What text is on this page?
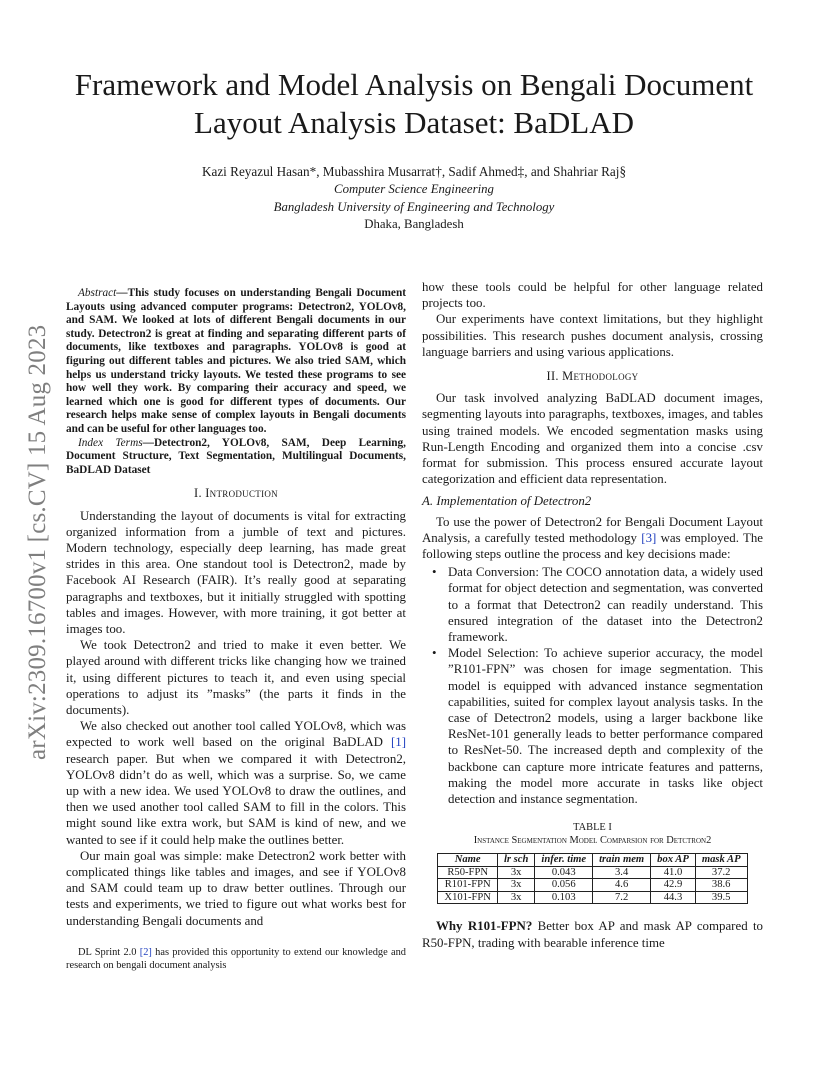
Framework and Model Analysis on Bengali Document Layout Analysis Dataset: BaDLAD
Kazi Reyazul Hasan*, Mubasshira Musarrat†, Sadif Ahmed‡, and Shahriar Raj§
Computer Science Engineering
Bangladesh University of Engineering and Technology
Dhaka, Bangladesh
arXiv:2309.16700v1 [cs.CV] 15 Aug 2023

Abstract—This study focuses on understanding Bengali Document Layouts using advanced computer programs: Detectron2, YOLOv8, and SAM. We looked at lots of different Bengali documents in our study. Detectron2 is great at finding and separating different parts of documents, like textboxes and paragraphs. YOLOv8 is good at figuring out different tables and pictures. We also tried SAM, which helps us understand tricky layouts. We tested these programs to see how well they work. By comparing their accuracy and speed, we learned which one is good for different types of documents. Our research helps make sense of complex layouts in Bengali documents and can be useful for other languages too.

Index Terms—Detectron2, YOLOv8, SAM, Deep Learning, Document Structure, Text Segmentation, Multilingual Documents, BaDLAD Dataset

I. Introduction

Understanding the layout of documents is vital for extracting organized information from a jumble of text and pictures. Modern technology, especially deep learning, has made great strides in this area. One standout tool is Detectron2, made by Facebook AI Research (FAIR). It’s really good at separating paragraphs and textboxes, but it initially struggled with spotting tables and images. However, with more training, it got better at images too.

We took Detectron2 and tried to make it even better. We played around with different tricks like changing how we trained it, using different pictures to teach it, and even using special operations to adjust its ”masks” (the parts it finds in the documents).

We also checked out another tool called YOLOv8, which was expected to work well based on the original BaDLAD [1] research paper. But when we compared it with Detectron2, YOLOv8 didn’t do as well, which was a surprise. So, we came up with a new idea. We used YOLOv8 to draw the outlines, and then we used another tool called SAM to fill in the colors. This might sound like extra work, but SAM is kind of new, and we wanted to see if it could help make the outlines better.

Our main goal was simple: make Detectron2 work better with complicated things like tables and images, and see if YOLOv8 and SAM could team up to draw better outlines. Through our tests and experiments, we tried to figure out what works best for understanding Bengali documents and

DL Sprint 2.0 [2] has provided this opportunity to extend our knowledge and research on bengali document analysis

how these tools could be helpful for other language related projects too.

Our experiments have context limitations, but they highlight possibilities. This research pushes document analysis, crossing language barriers and using various applications.

II. Methodology

Our task involved analyzing BaDLAD document images, segmenting layouts into paragraphs, textboxes, images, and tables using trained models. We encoded segmentation masks using Run-Length Encoding and organized them into a concise .csv format for submission. This process ensured accurate layout categorization and efficient data representation.

A. Implementation of Detectron2

To use the power of Detectron2 for Bengali Document Layout Analysis, a carefully tested methodology [3] was employed. The following steps outline the process and key decisions made:

• Data Conversion: The COCO annotation data, a widely used format for object detection and segmentation, was converted to a format that Detectron2 can readily understand. This ensured integration of the dataset into the Detectron2 framework.
• Model Selection: To achieve superior accuracy, the model ”R101-FPN” was chosen for image segmentation. This model is equipped with advanced instance segmentation capabilities, suited for complex layout analysis tasks. In the case of Detectron2 models, using a larger backbone like ResNet-101 generally leads to better performance compared to ResNet-50. The increased depth and complexity of the backbone can capture more intricate features and patterns, making the model more accurate in tasks like object detection and instance segmentation.
TABLE I
Instance Segmentation Model Comparsion for Detctron2
Name	lr sch	infer. time	train mem	box AP	mask AP
R50-FPN	3x	0.043	3.4	41.0	37.2
R101-FPN	3x	0.056	4.6	42.9	38.6
X101-FPN	3x	0.103	7.2	44.3	39.5

Why R101-FPN? Better box AP and mask AP compared to R50-FPN, trading with bearable inference time
